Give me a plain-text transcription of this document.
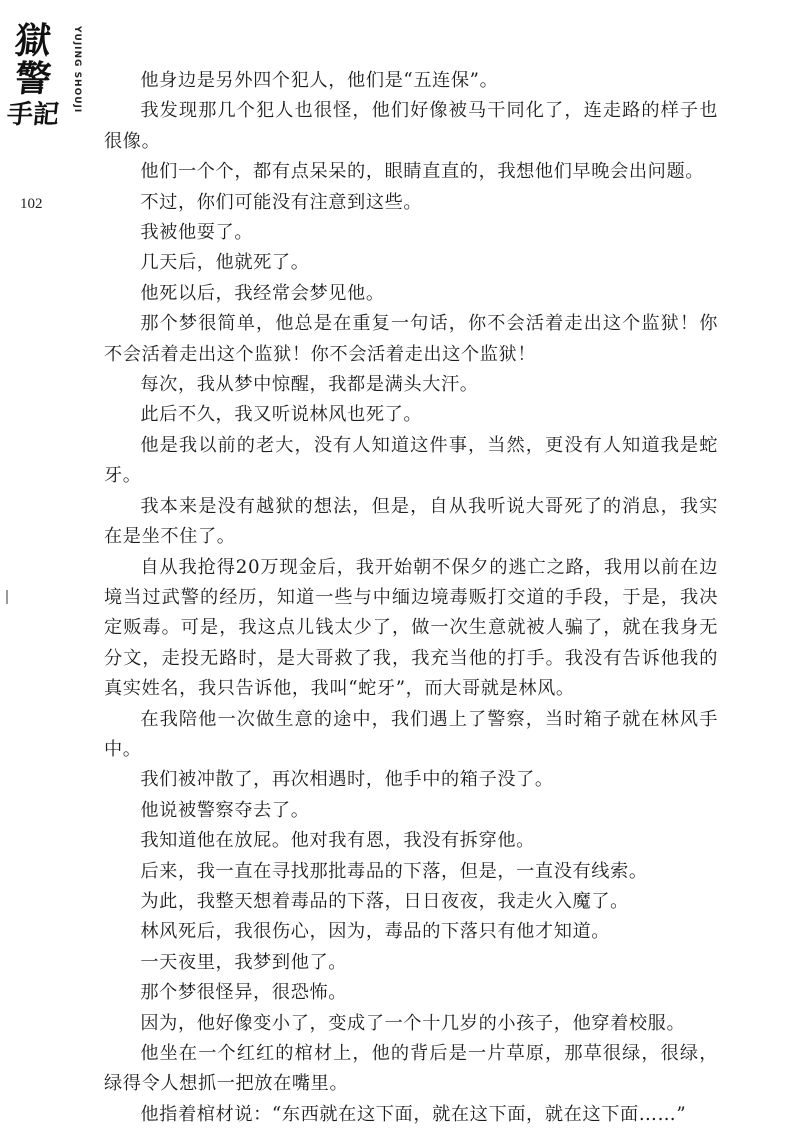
獄
警
手記
YUJING SHOUJI
102

他身边是另外四个犯人，他们是“五连保”。

我发现那几个犯人也很怪，他们好像被马干同化了，连走路的样子也很像。

他们一个个，都有点呆呆的，眼睛直直的，我想他们早晚会出问题。

不过，你们可能没有注意到这些。

我被他耍了。

几天后，他就死了。

他死以后，我经常会梦见他。

那个梦很简单，他总是在重复一句话，你不会活着走出这个监狱！你不会活着走出这个监狱！你不会活着走出这个监狱！

每次，我从梦中惊醒，我都是满头大汗。

此后不久，我又听说林风也死了。

他是我以前的老大，没有人知道这件事，当然，更没有人知道我是蛇牙。

我本来是没有越狱的想法，但是，自从我听说大哥死了的消息，我实在是坐不住了。

自从我抢得20万现金后，我开始朝不保夕的逃亡之路，我用以前在边境当过武警的经历，知道一些与中缅边境毒贩打交道的手段，于是，我决定贩毒。可是，我这点儿钱太少了，做一次生意就被人骗了，就在我身无分文，走投无路时，是大哥救了我，我充当他的打手。我没有告诉他我的真实姓名，我只告诉他，我叫“蛇牙”，而大哥就是林风。

在我陪他一次做生意的途中，我们遇上了警察，当时箱子就在林风手中。

我们被冲散了，再次相遇时，他手中的箱子没了。

他说被警察夺去了。

我知道他在放屁。他对我有恩，我没有拆穿他。

后来，我一直在寻找那批毒品的下落，但是，一直没有线索。

为此，我整天想着毒品的下落，日日夜夜，我走火入魔了。

林风死后，我很伤心，因为，毒品的下落只有他才知道。

一天夜里，我梦到他了。

那个梦很怪异，很恐怖。

因为，他好像变小了，变成了一个十几岁的小孩子，他穿着校服。

他坐在一个红红的棺材上，他的背后是一片草原，那草很绿，很绿，绿得令人想抓一把放在嘴里。

他指着棺材说：“东西就在这下面，就在这下面，就在这下面……”
